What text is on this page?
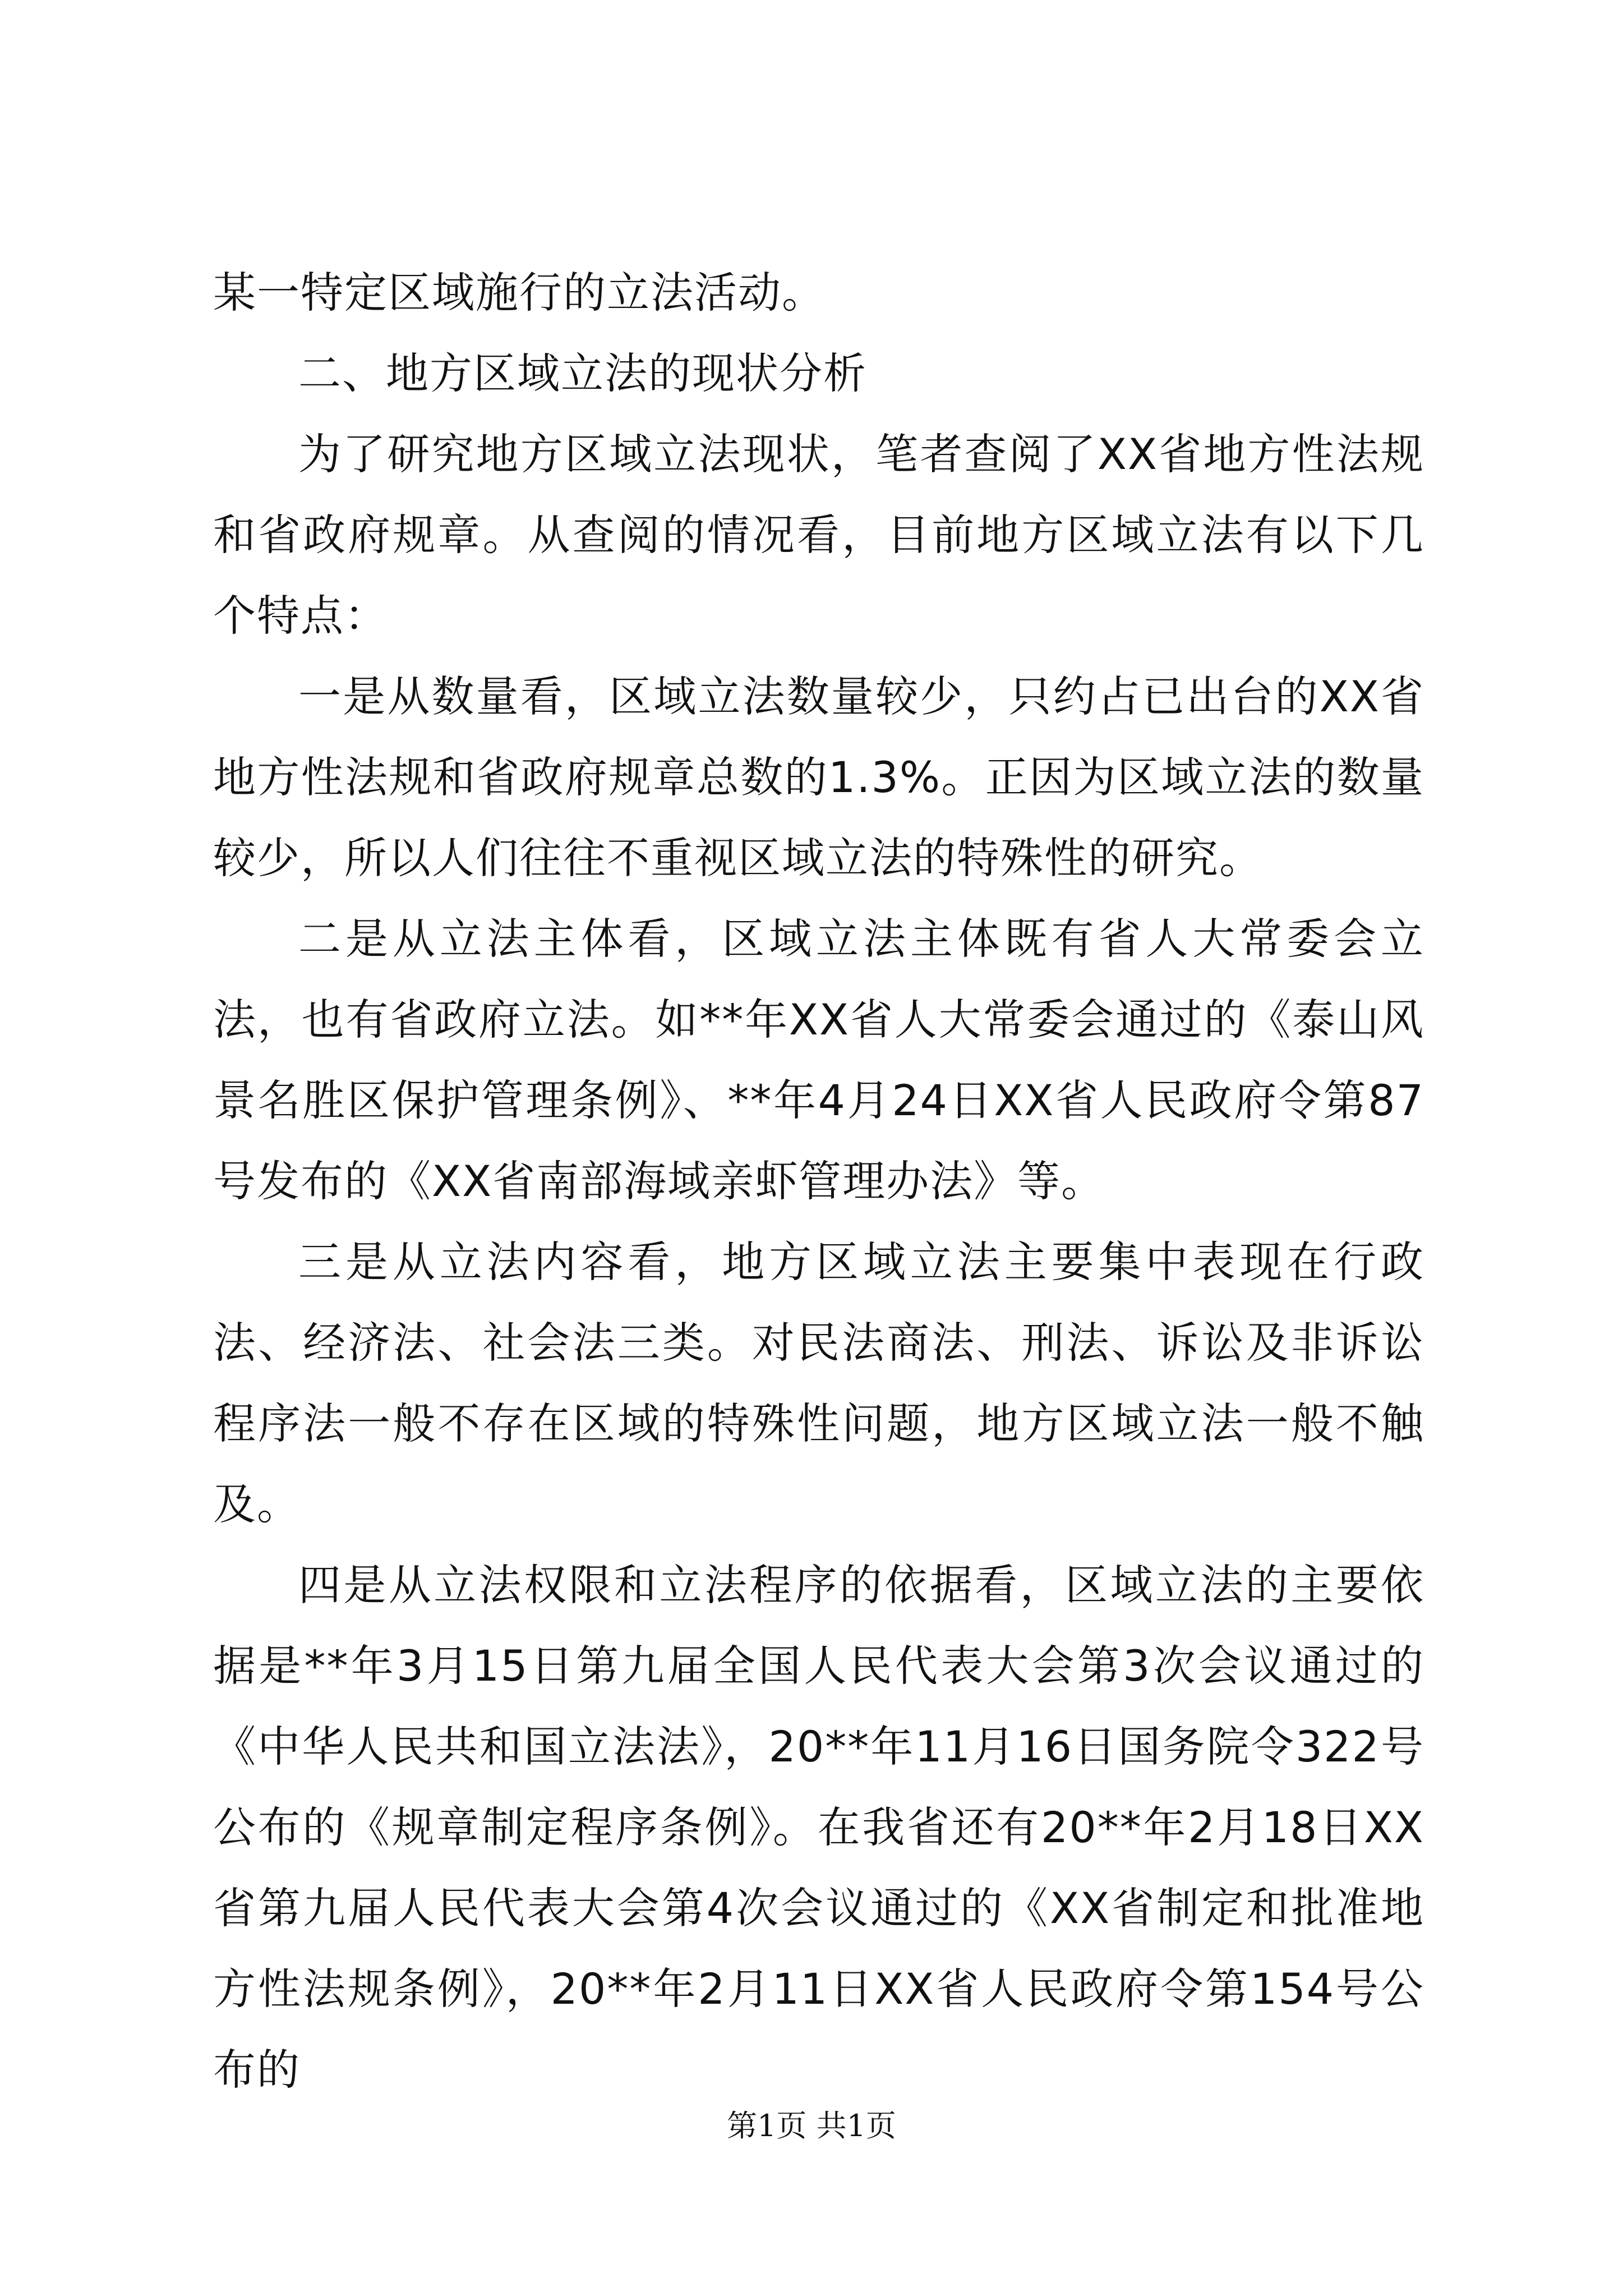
某一特定区域施行的立法活动。

二、地方区域立法的现状分析

为了研究地方区域立法现状，笔者查阅了XX省地方性法规和省政府规章。从查阅的情况看，目前地方区域立法有以下几个特点：

一是从数量看，区域立法数量较少，只约占已出台的XX省地方性法规和省政府规章总数的1.3%。正因为区域立法的数量较少，所以人们往往不重视区域立法的特殊性的研究。

二是从立法主体看，区域立法主体既有省人大常委会立法，也有省政府立法。如**年XX省人大常委会通过的《泰山风景名胜区保护管理条例》、**年4月24日XX省人民政府令第87号发布的《XX省南部海域亲虾管理办法》等。

三是从立法内容看，地方区域立法主要集中表现在行政法、经济法、社会法三类。对民法商法、刑法、诉讼及非诉讼程序法一般不存在区域的特殊性问题，地方区域立法一般不触及。

四是从立法权限和立法程序的依据看，区域立法的主要依据是**年3月15日第九届全国人民代表大会第3次会议通过的《中华人民共和国立法法》，20**年11月16日国务院令322号公布的《规章制定程序条例》。在我省还有20**年2月18日XX省第九届人民代表大会第4次会议通过的《XX省制定和批准地方性法规条例》，20**年2月11日XX省人民政府令第154号公布的

第1页 共1页
